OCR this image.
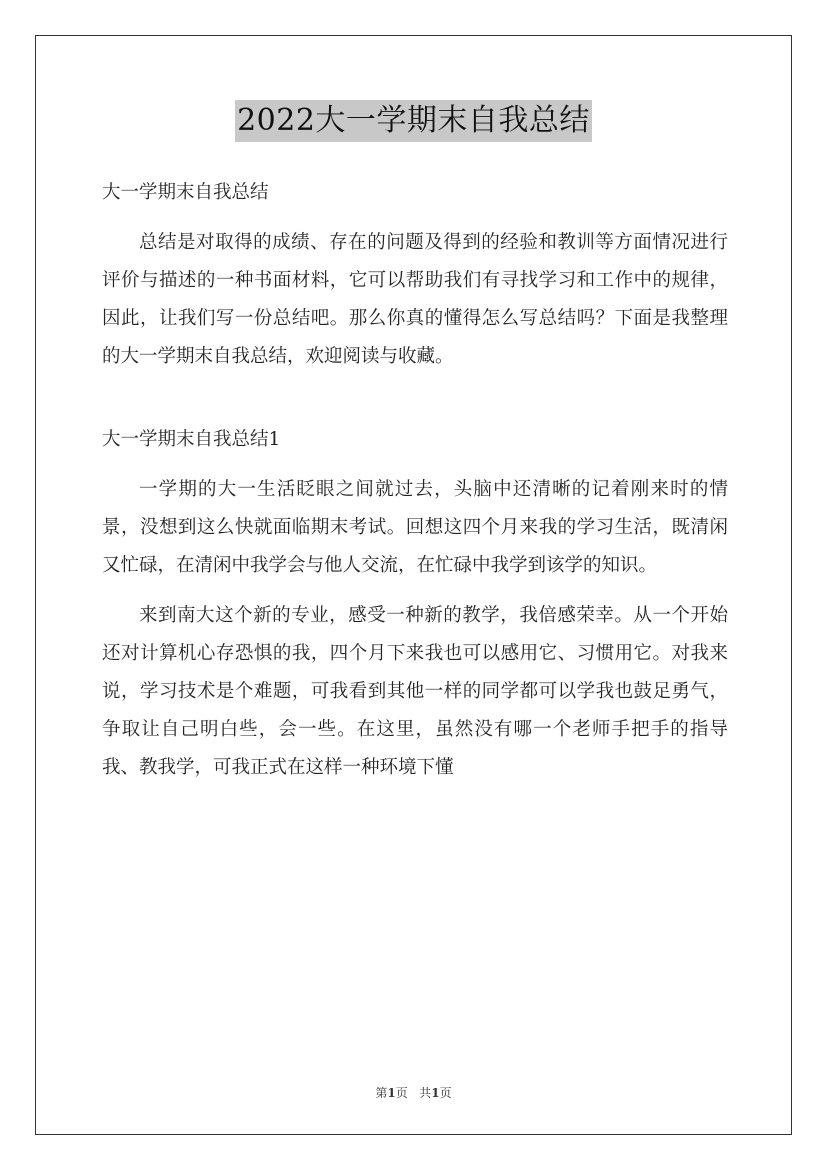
2022大一学期末自我总结

大一学期末自我总结

总结是对取得的成绩、存在的问题及得到的经验和教训等方面情况进行评价与描述的一种书面材料，它可以帮助我们有寻找学习和工作中的规律，因此，让我们写一份总结吧。那么你真的懂得怎么写总结吗？下面是我整理的大一学期末自我总结，欢迎阅读与收藏。

大一学期末自我总结1

一学期的大一生活眨眼之间就过去，头脑中还清晰的记着刚来时的情景，没想到这么快就面临期末考试。回想这四个月来我的学习生活，既清闲又忙碌，在清闲中我学会与他人交流，在忙碌中我学到该学的知识。

来到南大这个新的专业，感受一种新的教学，我倍感荣幸。从一个开始还对计算机心存恐惧的我，四个月下来我也可以感用它、习惯用它。对我来说，学习技术是个难题，可我看到其他一样的同学都可以学我也鼓足勇气，争取让自己明白些，会一些。在这里，虽然没有哪一个老师手把手的指导我、教我学，可我正式在这样一种环境下懂

第1页 共1页
